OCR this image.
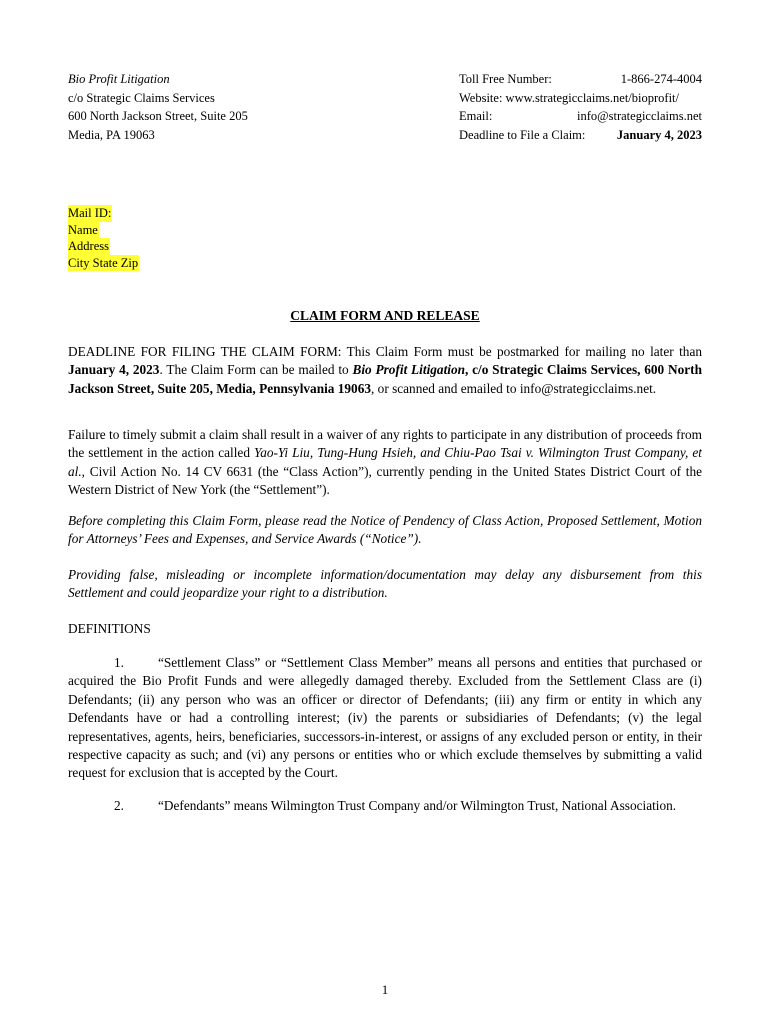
Bio Profit Litigation
c/o Strategic Claims Services
600 North Jackson Street, Suite 205
Media, PA 19063
Toll Free Number:	1-866-274-4004
Website: www.strategicclaims.net/bioprofit/
Email:	info@strategicclaims.net
Deadline to File a Claim:	January 4, 2023
Mail ID:
Name
Address
City State Zip
CLAIM FORM AND RELEASE
DEADLINE FOR FILING THE CLAIM FORM: This Claim Form must be postmarked for mailing no later than January 4, 2023. The Claim Form can be mailed to Bio Profit Litigation, c/o Strategic Claims Services, 600 North Jackson Street, Suite 205, Media, Pennsylvania 19063, or scanned and emailed to info@strategicclaims.net.
Failure to timely submit a claim shall result in a waiver of any rights to participate in any distribution of proceeds from the settlement in the action called Yao-Yi Liu, Tung-Hung Hsieh, and Chiu-Pao Tsai v. Wilmington Trust Company, et al., Civil Action No. 14 CV 6631 (the “Class Action”), currently pending in the United States District Court of the Western District of New York (the “Settlement”).
Before completing this Claim Form, please read the Notice of Pendency of Class Action, Proposed Settlement, Motion for Attorneys’ Fees and Expenses, and Service Awards (“Notice”).
Providing false, misleading or incomplete information/documentation may delay any disbursement from this Settlement and could jeopardize your right to a distribution.
DEFINITIONS
1.	“Settlement Class” or “Settlement Class Member” means all persons and entities that purchased or acquired the Bio Profit Funds and were allegedly damaged thereby. Excluded from the Settlement Class are (i) Defendants; (ii) any person who was an officer or director of Defendants; (iii) any firm or entity in which any Defendants have or had a controlling interest; (iv) the parents or subsidiaries of Defendants; (v) the legal representatives, agents, heirs, beneficiaries, successors-in-interest, or assigns of any excluded person or entity, in their respective capacity as such; and (vi) any persons or entities who or which exclude themselves by submitting a valid request for exclusion that is accepted by the Court.
2.	“Defendants” means Wilmington Trust Company and/or Wilmington Trust, National Association.
1
